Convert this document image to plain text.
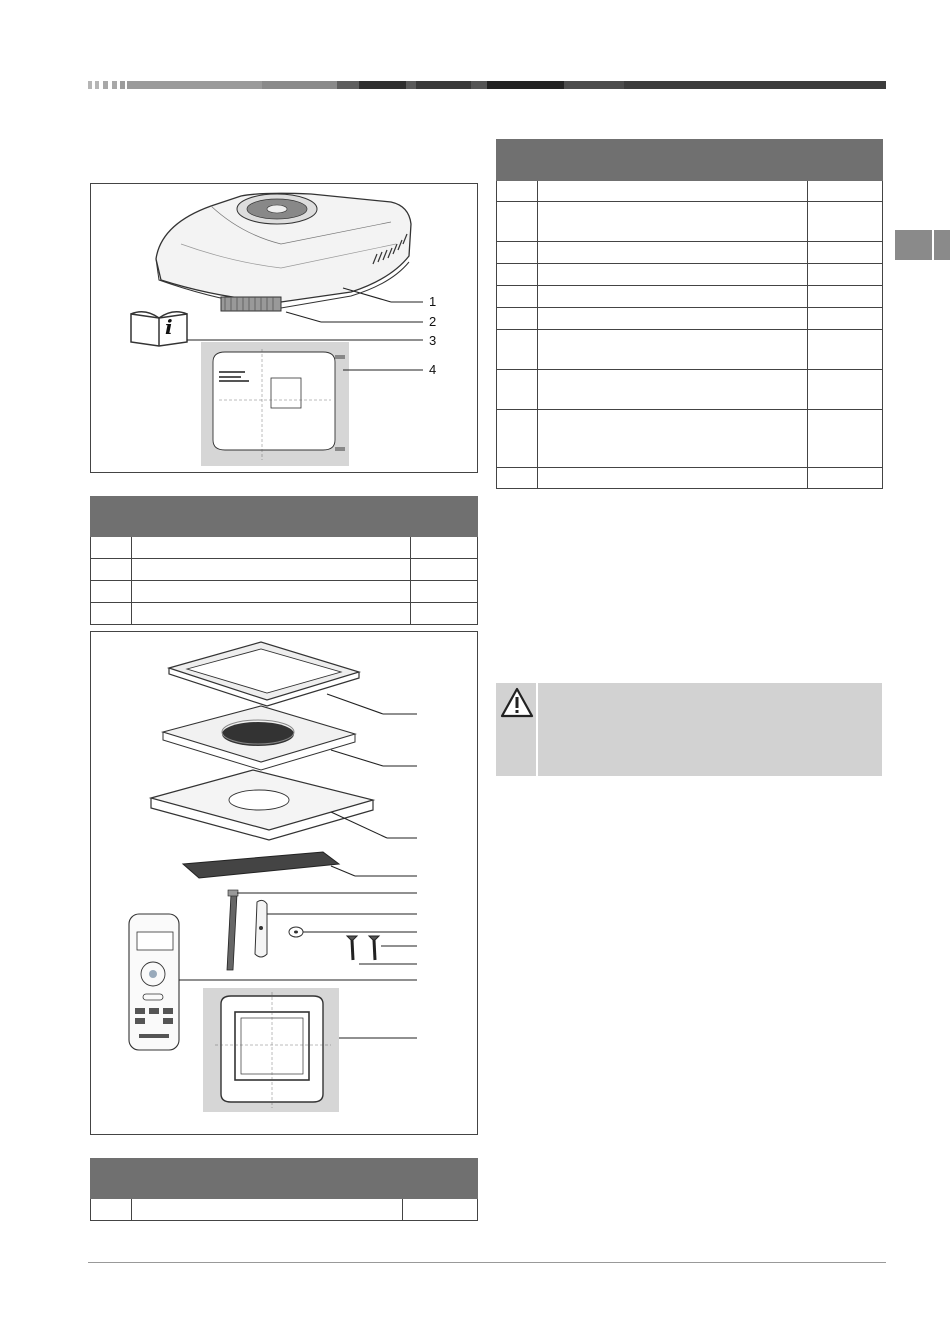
i
1
2
3
4
